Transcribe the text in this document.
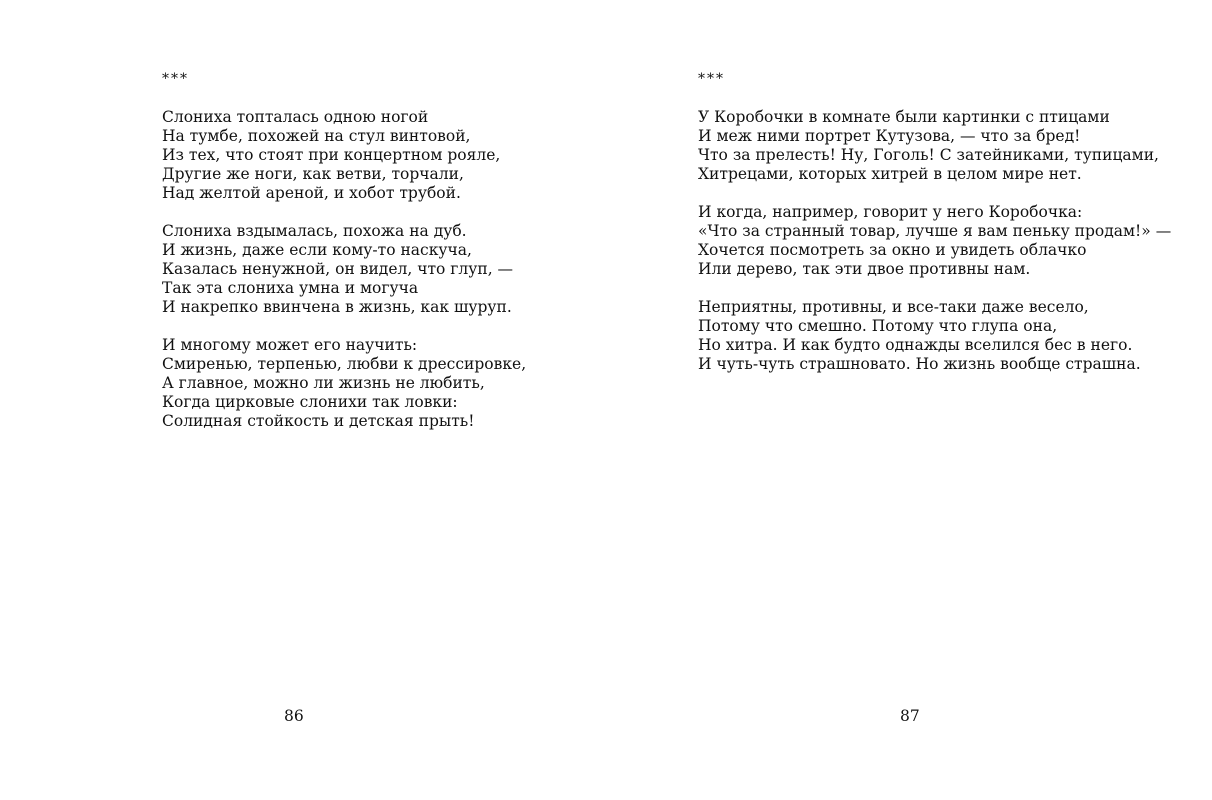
***
Слониха топталась одною ногой
На тумбе, похожей на стул винтовой,
Из тех, что стоят при концертном рояле,
Другие же ноги, как ветви, торчали,
Над желтой ареной, и хобот трубой.
Слониха вздымалась, похожа на дуб.
И жизнь, даже если кому-то наскуча,
Казалась ненужной, он видел, что глуп, —
Так эта слониха умна и могуча
И накрепко ввинчена в жизнь, как шуруп.
И многому может его научить:
Смиренью, терпенью, любви к дрессировке,
А главное, можно ли жизнь не любить,
Когда цирковые слонихи так ловки:
Солидная стойкость и детская прыть!
86
***
У Коробочки в комнате были картинки с птицами
И меж ними портрет Кутузова, — что за бред!
Что за прелесть! Ну, Гоголь! С затейниками, тупицами,
Хитрецами, которых хитрей в целом мире нет.
И когда, например, говорит у него Коробочка:
«Что за странный товар, лучше я вам пеньку продам!» —
Хочется посмотреть за окно и увидеть облачко
Или дерево, так эти двое противны нам.
Неприятны, противны, и все-таки даже весело,
Потому что смешно. Потому что глупа она,
Но хитра. И как будто однажды вселился бес в него.
И чуть-чуть страшновато. Но жизнь вообще страшна.
87
